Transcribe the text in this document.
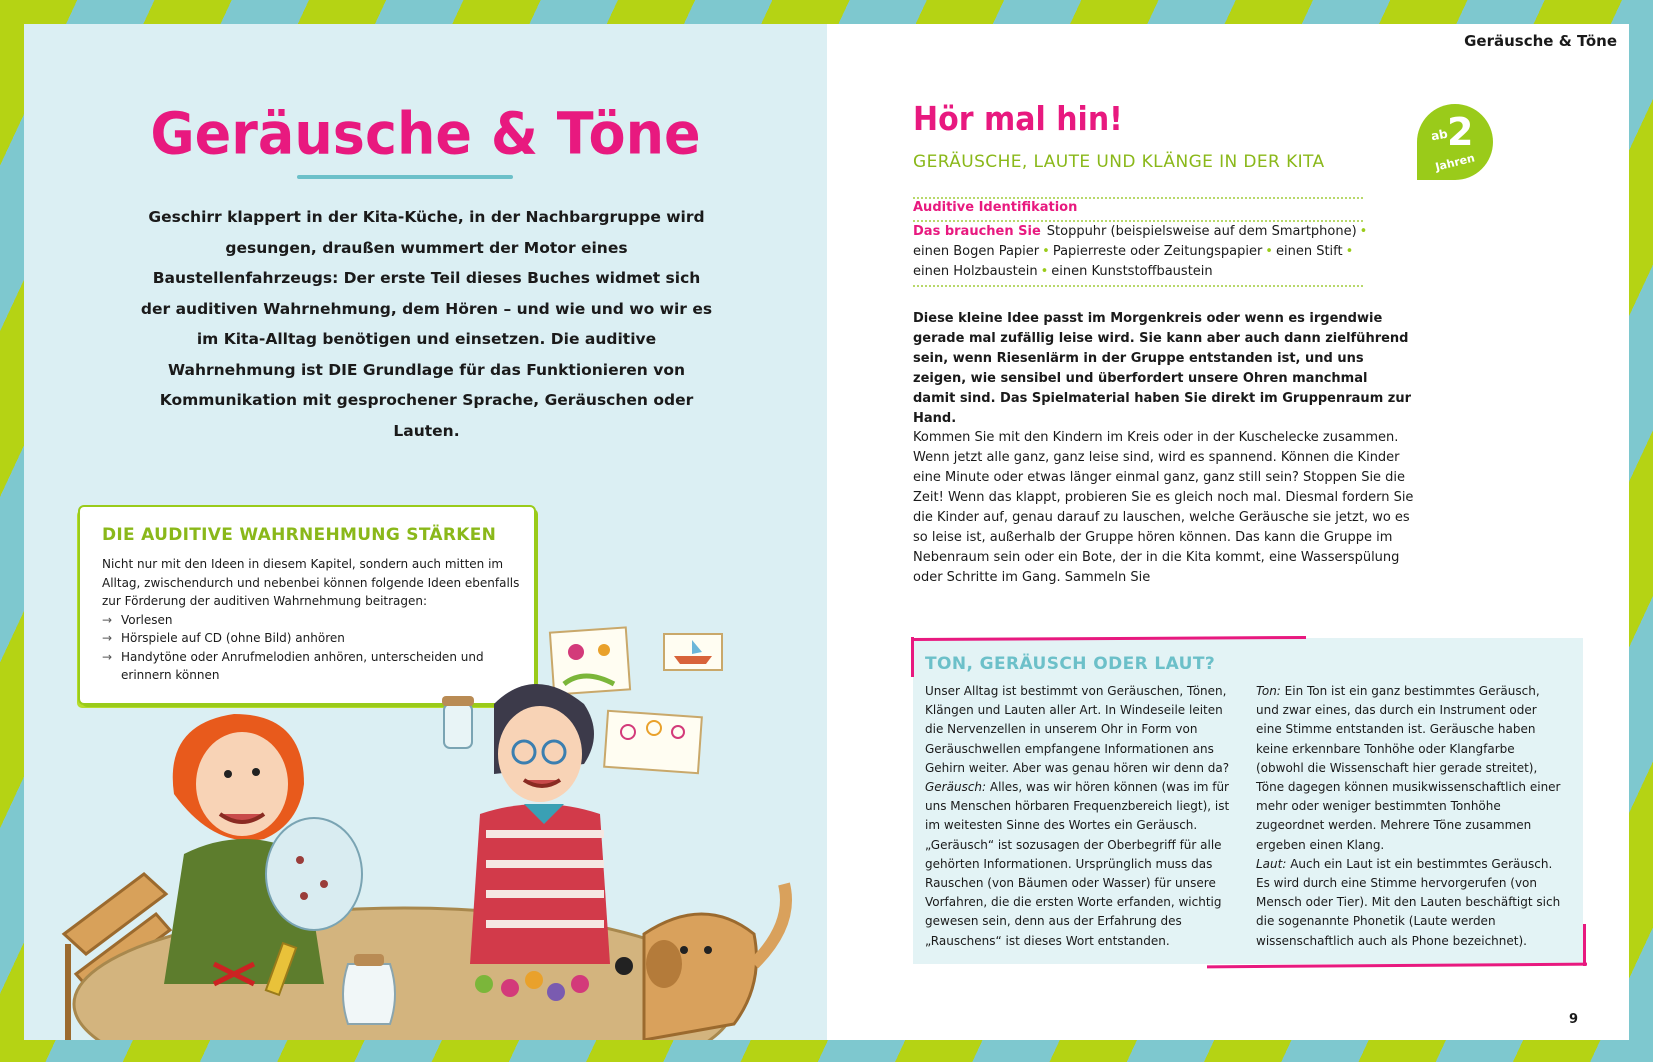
Geräusche & Töne
Geschirr klappert in der Kita-Küche, in der Nachbargruppe wird gesungen, draußen wummert der Motor eines Baustellenfahrzeugs: Der erste Teil dieses Buches widmet sich der auditiven Wahrnehmung, dem Hören – und wie und wo wir es im Kita-Alltag benötigen und einsetzen. Die auditive Wahrnehmung ist DIE Grundlage für das Funktionieren von Kommunikation mit gesprochener Sprache, Geräuschen oder Lauten.
DIE AUDITIVE WAHRNEHMUNG STÄRKEN
Nicht nur mit den Ideen in diesem Kapitel, sondern auch mitten im Alltag, zwischendurch und nebenbei können folgende Ideen ebenfalls zur Förderung der auditiven Wahrnehmung beitragen:
→ Vorlesen
→ Hörspiele auf CD (ohne Bild) anhören
→ Handytöne oder Anrufmelodien anhören, unterscheiden und erinnern können
Geräusche & Töne
ab
2
Jahren
Hör mal hin!
GERÄUSCHE, LAUTE UND KLÄNGE IN DER KITA
Auditive Identifikation
Das brauchen Sie Stoppuhr (beispielsweise auf dem Smartphone) •
einen Bogen Papier • Papierreste oder Zeitungspapier • einen Stift •
einen Holzbaustein • einen Kunststoffbaustein
Diese kleine Idee passt im Morgenkreis oder wenn es irgendwie gerade mal zufällig leise wird. Sie kann aber auch dann zielführend sein, wenn Riesenlärm in der Gruppe entstanden ist, und uns zeigen, wie sensibel und überfordert unsere Ohren manchmal damit sind. Das Spielmaterial haben Sie direkt im Gruppenraum zur Hand.
Kommen Sie mit den Kindern im Kreis oder in der Kuschelecke zusammen. Wenn jetzt alle ganz, ganz leise sind, wird es spannend. Können die Kinder eine Minute oder etwas länger einmal ganz, ganz still sein? Stoppen Sie die Zeit! Wenn das klappt, probieren Sie es gleich noch mal. Diesmal fordern Sie die Kinder auf, genau darauf zu lauschen, welche Geräusche sie jetzt, wo es so leise ist, außerhalb der Gruppe hören können. Das kann die Gruppe im Nebenraum sein oder ein Bote, der in die Kita kommt, eine Wasserspülung oder Schritte im Gang. Sammeln Sie
TON, GERÄUSCH ODER LAUT?
Unser Alltag ist bestimmt von Geräuschen, Tönen, Klängen und Lauten aller Art. In Windeseile leiten die Nervenzellen in unserem Ohr in Form von Geräuschwellen empfangene Informationen ans Gehirn weiter. Aber was genau hören wir denn da?
Geräusch: Alles, was wir hören können (was im für uns Menschen hörbaren Frequenzbereich liegt), ist im weitesten Sinne des Wortes ein Geräusch. „Geräusch“ ist sozusagen der Oberbegriff für alle gehörten Informationen. Ursprünglich muss das Rauschen (von Bäumen oder Wasser) für unsere Vorfahren, die die ersten Worte erfanden, wichtig gewesen sein, denn aus der Erfahrung des „Rauschens“ ist dieses Wort entstanden.
Ton: Ein Ton ist ein ganz bestimmtes Geräusch, und zwar eines, das durch ein Instrument oder eine Stimme entstanden ist. Geräusche haben keine erkennbare Tonhöhe oder Klangfarbe (obwohl die Wissenschaft hier gerade streitet), Töne dagegen können musikwissenschaftlich einer mehr oder weniger bestimmten Tonhöhe zugeordnet werden. Mehrere Töne zusammen ergeben einen Klang.
Laut: Auch ein Laut ist ein bestimmtes Geräusch. Es wird durch eine Stimme hervorgerufen (von Mensch oder Tier). Mit den Lauten beschäftigt sich die sogenannte Phonetik (Laute werden wissenschaftlich auch als Phone bezeichnet).
9
